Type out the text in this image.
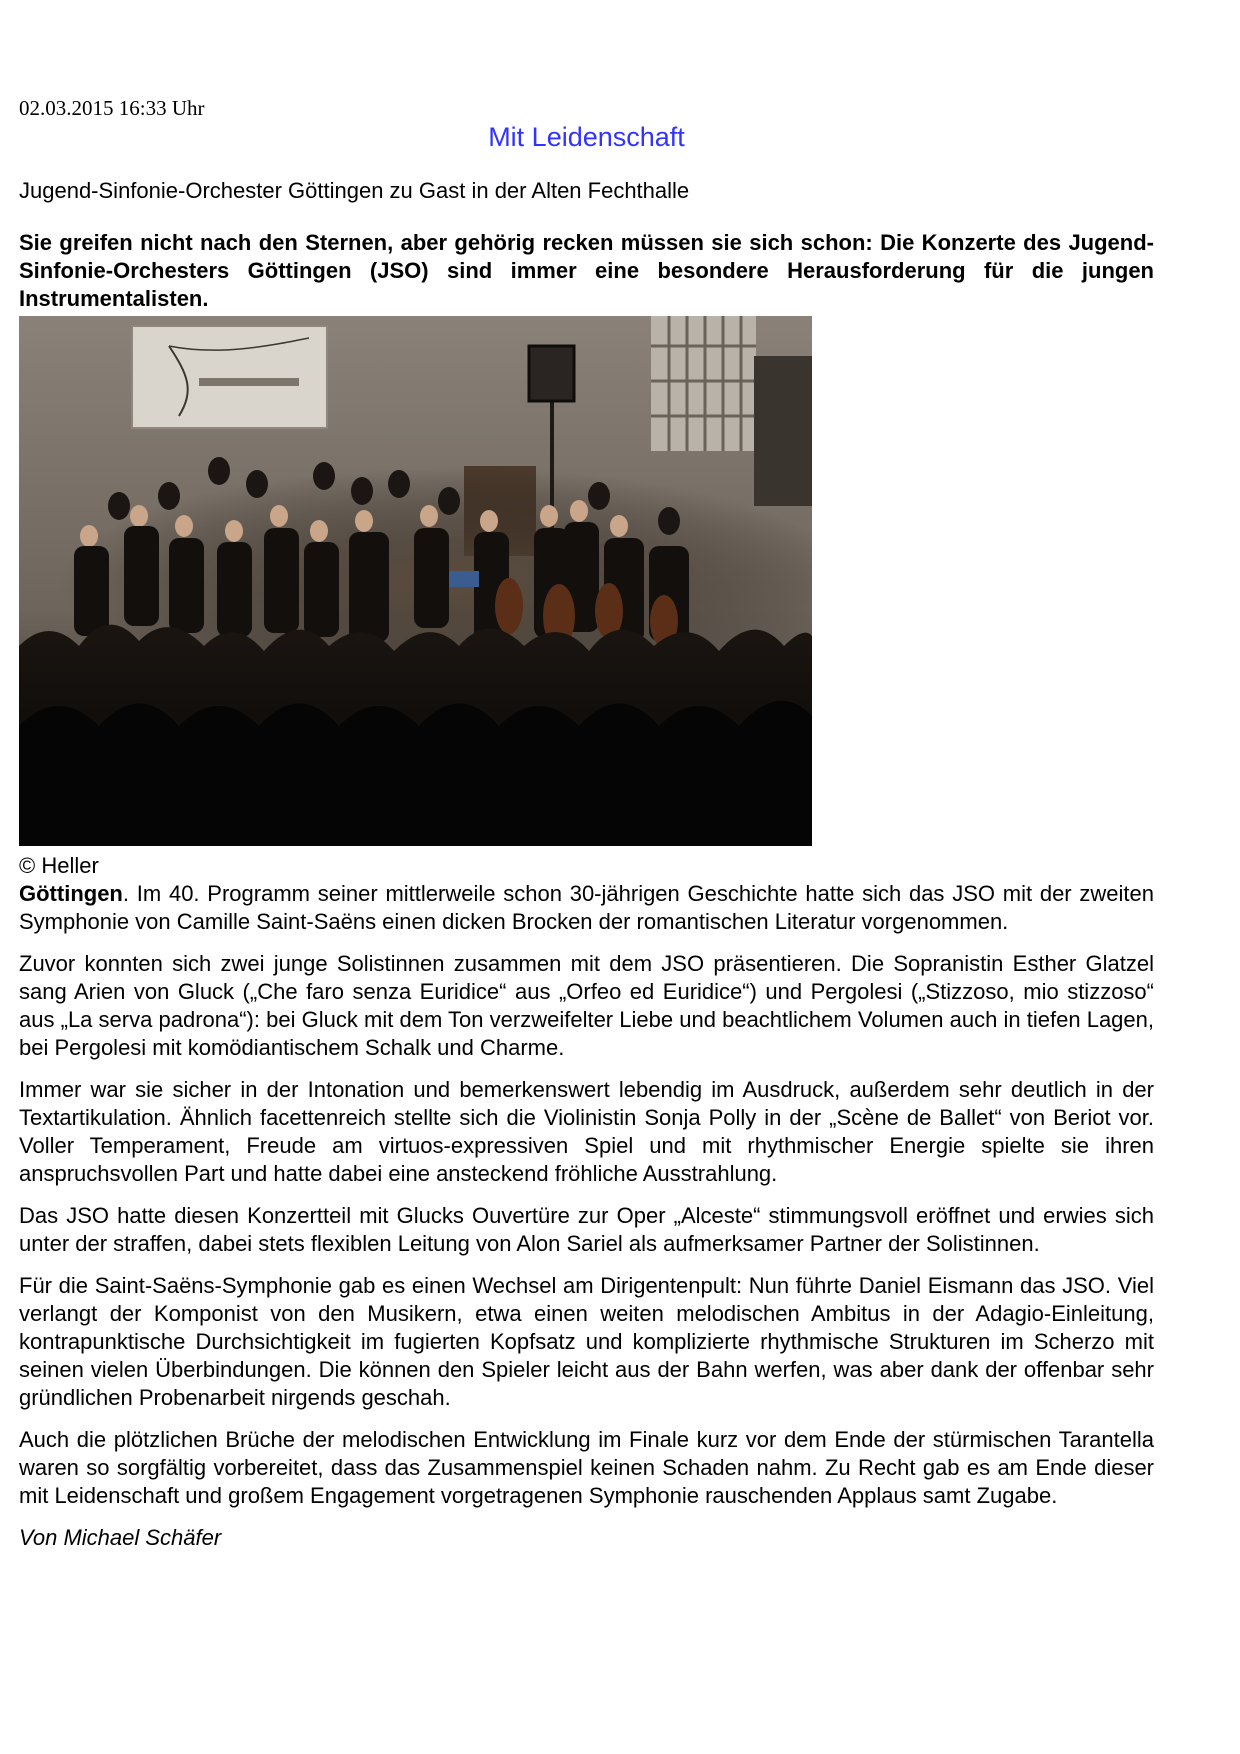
02.03.2015 16:33 Uhr

Mit Leidenschaft

Jugend-Sinfonie-Orchester Göttingen zu Gast in der Alten Fechthalle

Sie greifen nicht nach den Sternen, aber gehörig recken müssen sie sich schon: Die Konzerte des Jugend-Sinfonie-Orchesters Göttingen (JSO) sind immer eine besondere Herausforderung für die jungen Instrumentalisten.

© Heller

Göttingen. Im 40. Programm seiner mittlerweile schon 30-jährigen Geschichte hatte sich das JSO mit der zweiten Symphonie von Camille Saint-Saëns einen dicken Brocken der romantischen Literatur vorgenommen.

Zuvor konnten sich zwei junge Solistinnen zusammen mit dem JSO präsentieren. Die Sopranistin Esther Glatzel sang Arien von Gluck („Che faro senza Euridice“ aus „Orfeo ed Euridice“) und Pergolesi („Stizzoso, mio stizzoso“ aus „La serva padrona“): bei Gluck mit dem Ton verzweifelter Liebe und beachtlichem Volumen auch in tiefen Lagen, bei Pergolesi mit komödiantischem Schalk und Charme.

Immer war sie sicher in der Intonation und bemerkenswert lebendig im Ausdruck, außerdem sehr deutlich in der Textartikulation. Ähnlich facettenreich stellte sich die Violinistin Sonja Polly in der „Scène de Ballet“ von Beriot vor. Voller Temperament, Freude am virtuos-expressiven Spiel und mit rhythmischer Energie spielte sie ihren anspruchsvollen Part und hatte dabei eine ansteckend fröhliche Ausstrahlung.

Das JSO hatte diesen Konzertteil mit Glucks Ouvertüre zur Oper „Alceste“ stimmungsvoll eröffnet und erwies sich unter der straffen, dabei stets flexiblen Leitung von Alon Sariel als aufmerksamer Partner der Solistinnen.

Für die Saint-Saëns-Symphonie gab es einen Wechsel am Dirigentenpult: Nun führte Daniel Eismann das JSO. Viel verlangt der Komponist von den Musikern, etwa einen weiten melodischen Ambitus in der Adagio-Einleitung, kontrapunktische Durchsichtigkeit im fugierten Kopfsatz und komplizierte rhythmische Strukturen im Scherzo mit seinen vielen Überbindungen. Die können den Spieler leicht aus der Bahn werfen, was aber dank der offenbar sehr gründlichen Probenarbeit nirgends geschah.

Auch die plötzlichen Brüche der melodischen Entwicklung im Finale kurz vor dem Ende der stürmischen Tarantella waren so sorgfältig vorbereitet, dass das Zusammenspiel keinen Schaden nahm. Zu Recht gab es am Ende dieser mit Leidenschaft und großem Engagement vorgetragenen Symphonie rauschenden Applaus samt Zugabe.

Von Michael Schäfer
